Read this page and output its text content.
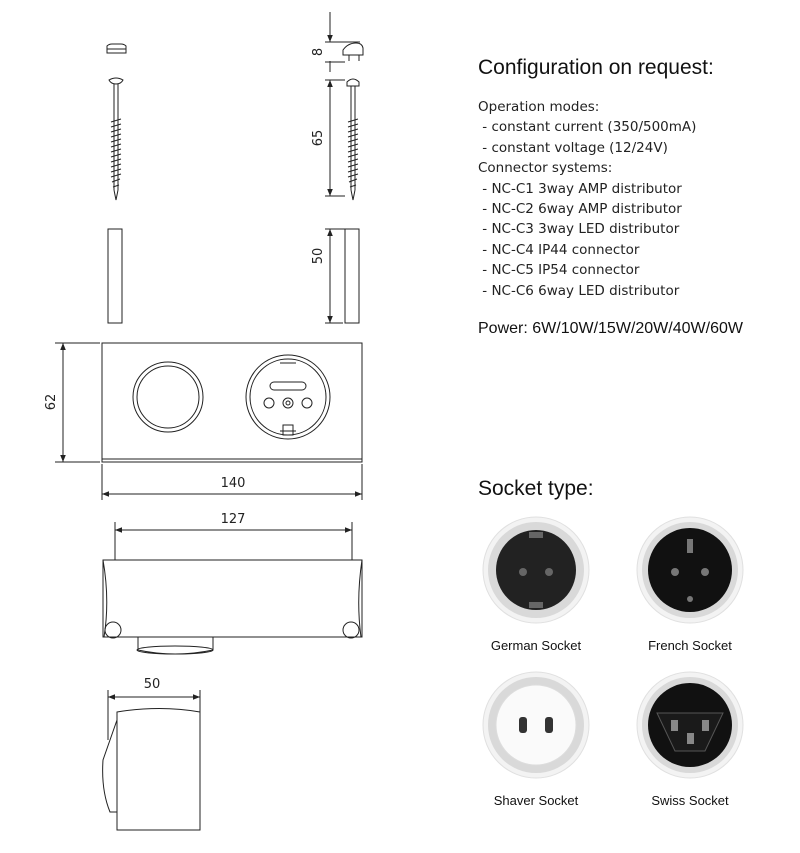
8
65
50
62
140
127
50
Configuration on request:
Operation modes:
- constant current (350/500mA)
- constant voltage (12/24V)
Connector systems:
- NC-C1 3way AMP distributor
- NC-C2 6way AMP distributor
- NC-C3 3way LED distributor
- NC-C4 IP44 connector
- NC-C5 IP54 connector
- NC-C6 6way LED distributor
Power: 6W/10W/15W/20W/40W/60W
Socket type:
German Socket	French Socket
Shaver Socket	Swiss Socket
